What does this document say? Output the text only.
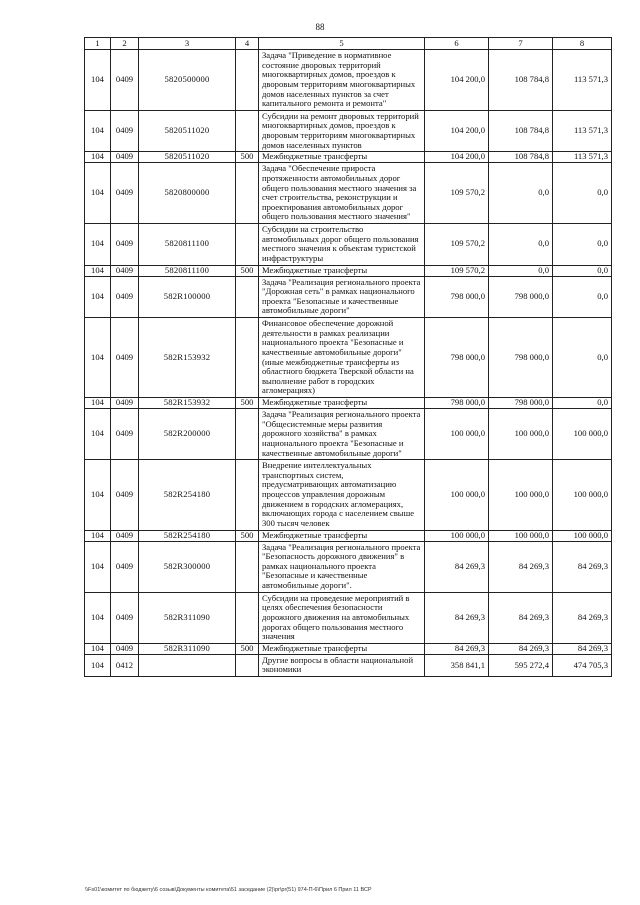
88
1	2	3	4	5	6	7	8
104	0409	5820500000		Задача "Приведение в нормативное состояние дворовых территорий многоквартирных домов, проездов к дворовым территориям многоквартирных домов населенных пунктов за счет капитального ремонта и ремонта"	104 200,0	108 784,8	113 571,3
104	0409	5820511020		Субсидии на ремонт дворовых территорий многоквартирных домов, проездов к дворовым территориям многоквартирных домов населенных пунктов	104 200,0	108 784,8	113 571,3
104	0409	5820511020	500	Межбюджетные трансферты	104 200,0	108 784,8	113 571,3
104	0409	5820800000		Задача "Обеспечение прироста протяженности автомобильных дорог общего пользования местного значения за счет строительства, реконструкции и проектирования автомобильных дорог общего пользования местного значения"	109 570,2	0,0	0,0
104	0409	5820811100		Субсидии на строительство автомобильных дорог общего пользования местного значения к объектам туристской инфраструктуры	109 570,2	0,0	0,0
104	0409	5820811100	500	Межбюджетные трансферты	109 570,2	0,0	0,0
104	0409	582R100000		Задача "Реализация регионального проекта "Дорожная сеть" в рамках национального проекта "Безопасные и качественные автомобильные дороги"	798 000,0	798 000,0	0,0
104	0409	582R153932		Финансовое обеспечение дорожной деятельности в рамках реализации национального проекта "Безопасные и качественные автомобильные дороги" (иные межбюджетные трансферты из областного бюджета Тверской области на выполнение работ в городских агломерациях)	798 000,0	798 000,0	0,0
104	0409	582R153932	500	Межбюджетные трансферты	798 000,0	798 000,0	0,0
104	0409	582R200000		Задача "Реализация регионального проекта "Общесистемные меры развития дорожного хозяйства" в рамках национального проекта "Безопасные и качественные автомобильные дороги"	100 000,0	100 000,0	100 000,0
104	0409	582R254180		Внедрение интеллектуальных транспортных систем, предусматривающих автоматизацию процессов управления дорожным движением в городских агломерациях, включающих города с населением свыше 300 тысяч человек	100 000,0	100 000,0	100 000,0
104	0409	582R254180	500	Межбюджетные трансферты	100 000,0	100 000,0	100 000,0
104	0409	582R300000		Задача "Реализация регионального проекта "Безопасность дорожного движения" в рамках национального проекта "Безопасные и качественные автомобильные дороги".	84 269,3	84 269,3	84 269,3
104	0409	582R311090		Субсидии на проведение мероприятий в целях обеспечения безопасности дорожного движения на автомобильных дорогах общего пользования местного значения	84 269,3	84 269,3	84 269,3
104	0409	582R311090	500	Межбюджетные трансферты	84 269,3	84 269,3	84 269,3
104	0412			Другие вопросы в области национальной экономики	358 841,1	595 272,4	474 705,3
\\Fs01\комитет по бюджету\6 созыв\Документы комитета\51 заседание (2)\pr\pr(51) 974-П-6\Прил 6 Прил 11 ВСР
